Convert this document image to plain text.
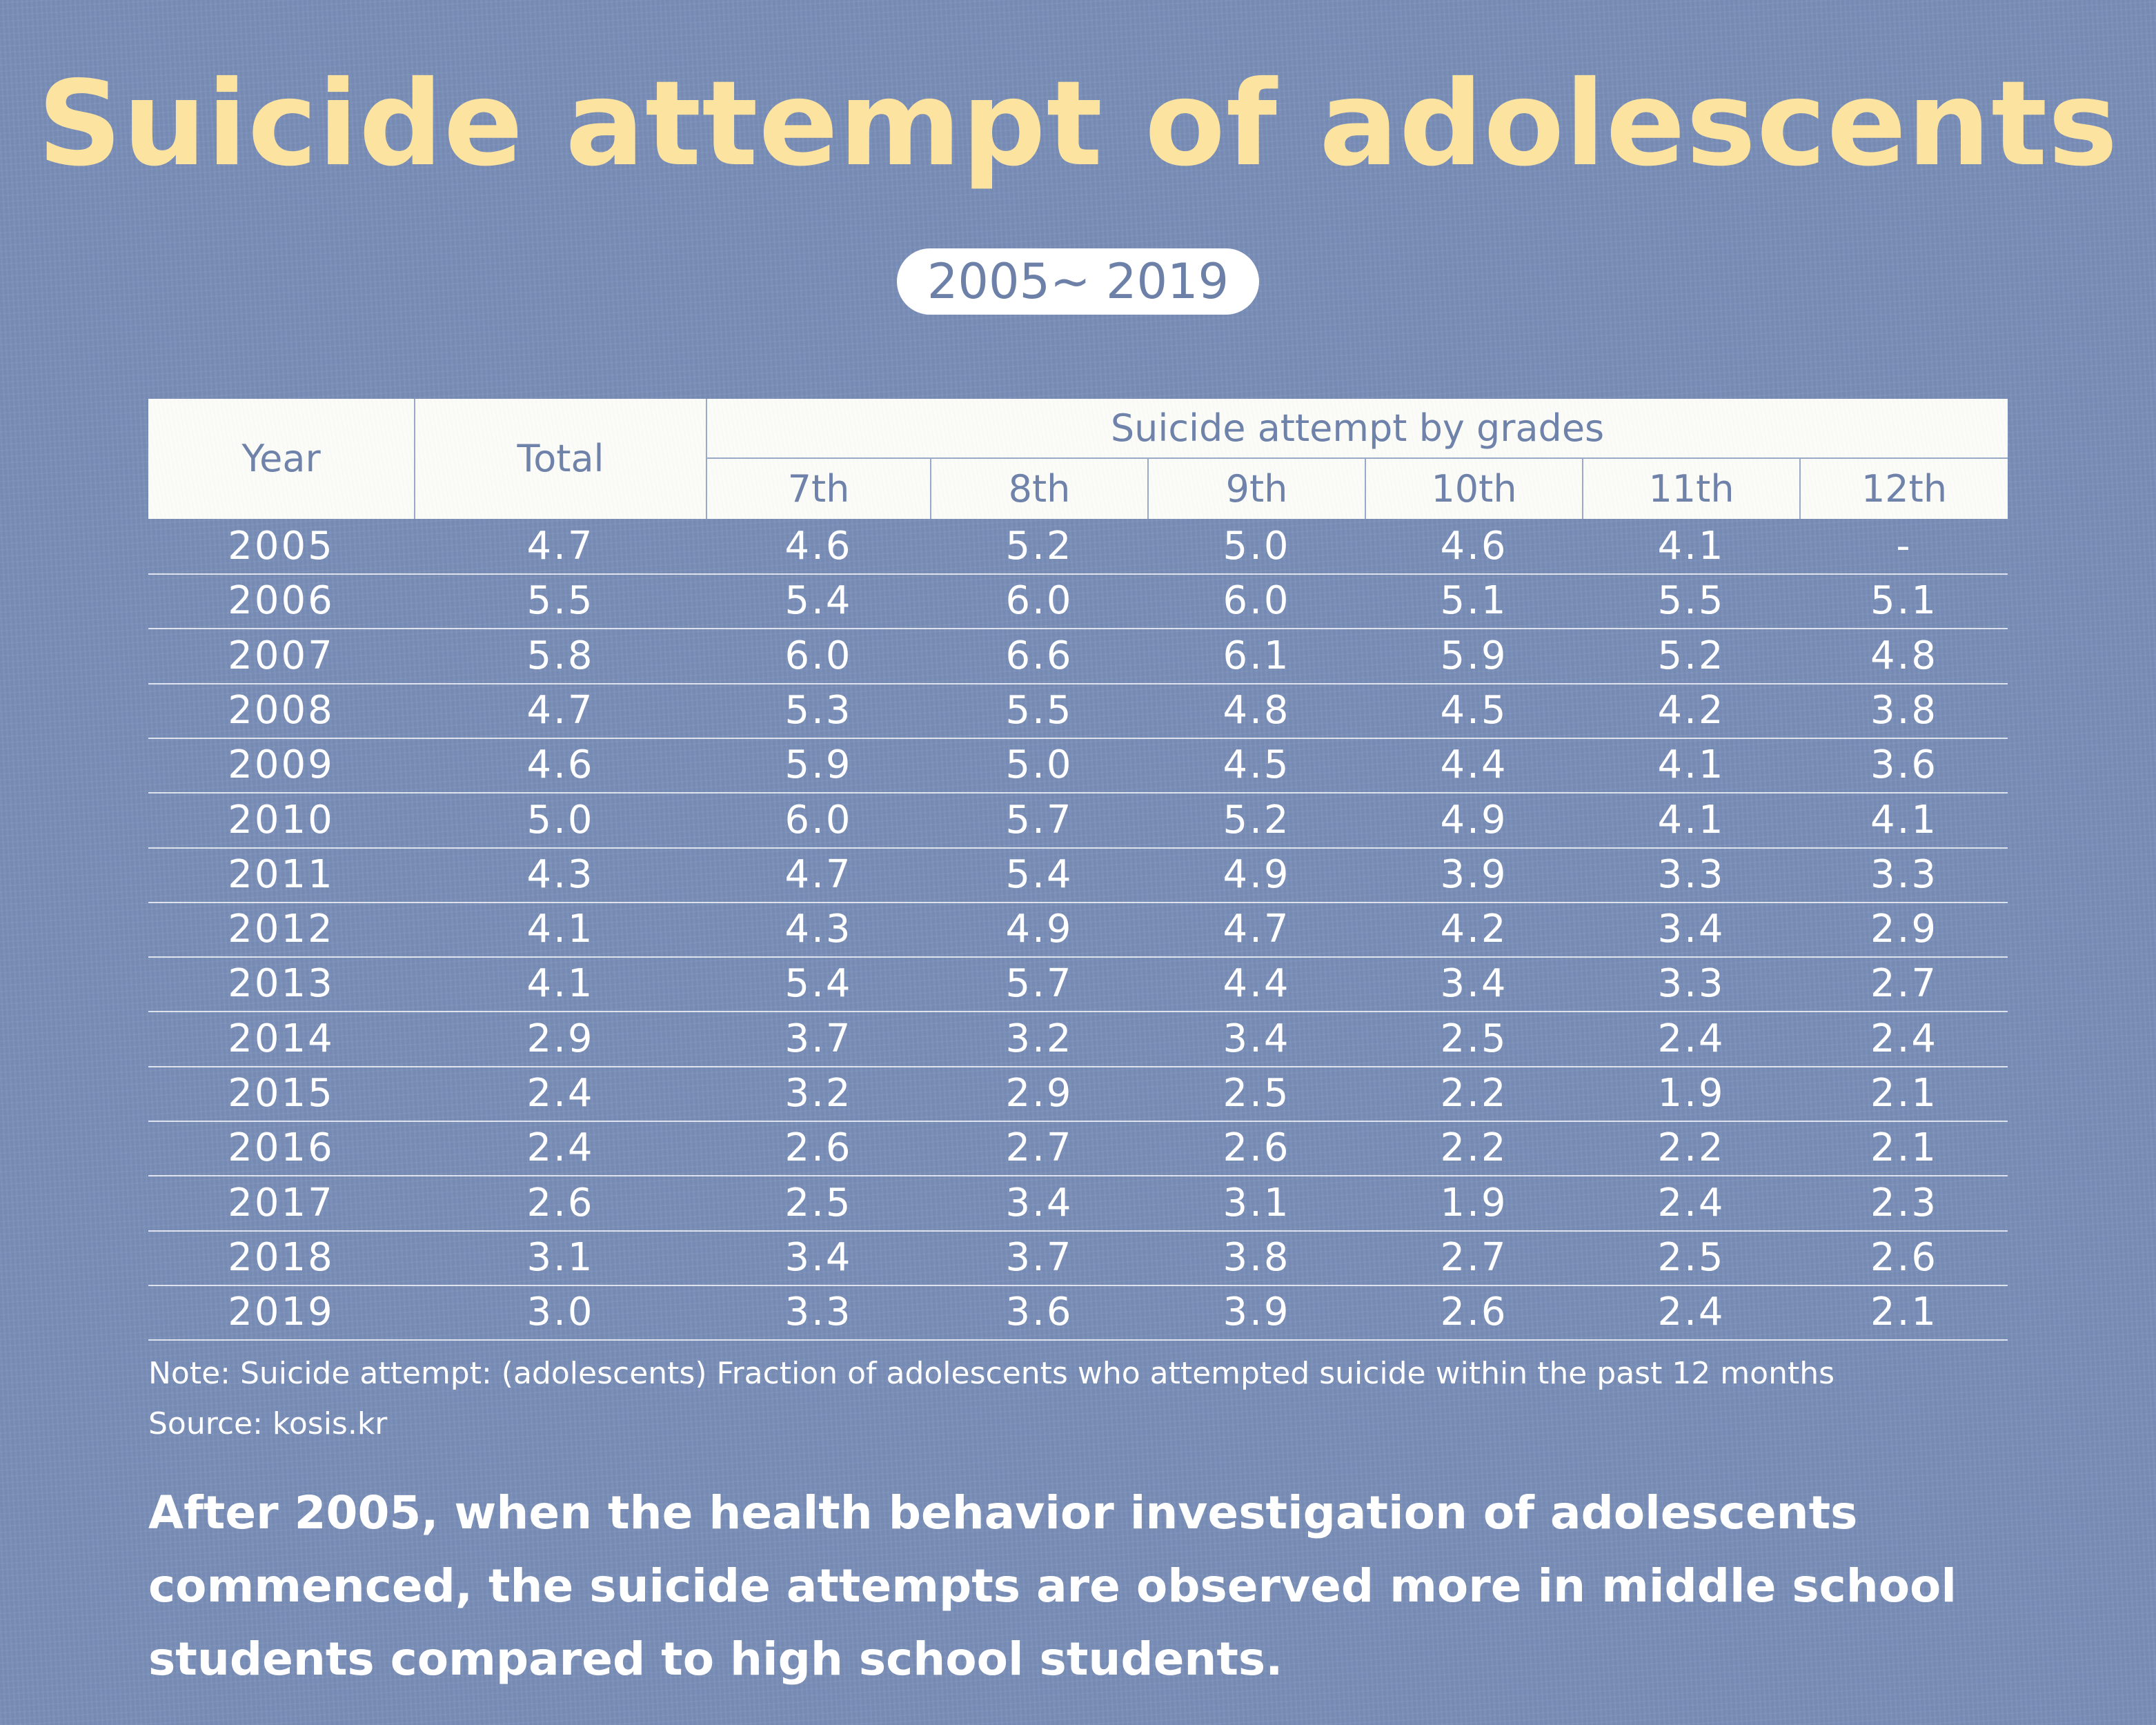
Suicide attempt of adolescents
2005~ 2019
Year	Total
Suicide attempt by grades
7th	8th	9th	10th	11th	12th
2005	4.7	4.6	5.2	5.0	4.6	4.1	-
2006	5.5	5.4	6.0	6.0	5.1	5.5	5.1
2007	5.8	6.0	6.6	6.1	5.9	5.2	4.8
2008	4.7	5.3	5.5	4.8	4.5	4.2	3.8
2009	4.6	5.9	5.0	4.5	4.4	4.1	3.6
2010	5.0	6.0	5.7	5.2	4.9	4.1	4.1
2011	4.3	4.7	5.4	4.9	3.9	3.3	3.3
2012	4.1	4.3	4.9	4.7	4.2	3.4	2.9
2013	4.1	5.4	5.7	4.4	3.4	3.3	2.7
2014	2.9	3.7	3.2	3.4	2.5	2.4	2.4
2015	2.4	3.2	2.9	2.5	2.2	1.9	2.1
2016	2.4	2.6	2.7	2.6	2.2	2.2	2.1
2017	2.6	2.5	3.4	3.1	1.9	2.4	2.3
2018	3.1	3.4	3.7	3.8	2.7	2.5	2.6
2019	3.0	3.3	3.6	3.9	2.6	2.4	2.1
Note: Suicide attempt: (adolescents) Fraction of adolescents who attempted suicide within the past 12 months
Source: kosis.kr
After 2005, when the health behavior investigation of adolescents commenced, the suicide attempts are observed more in middle school students compared to high school students.
